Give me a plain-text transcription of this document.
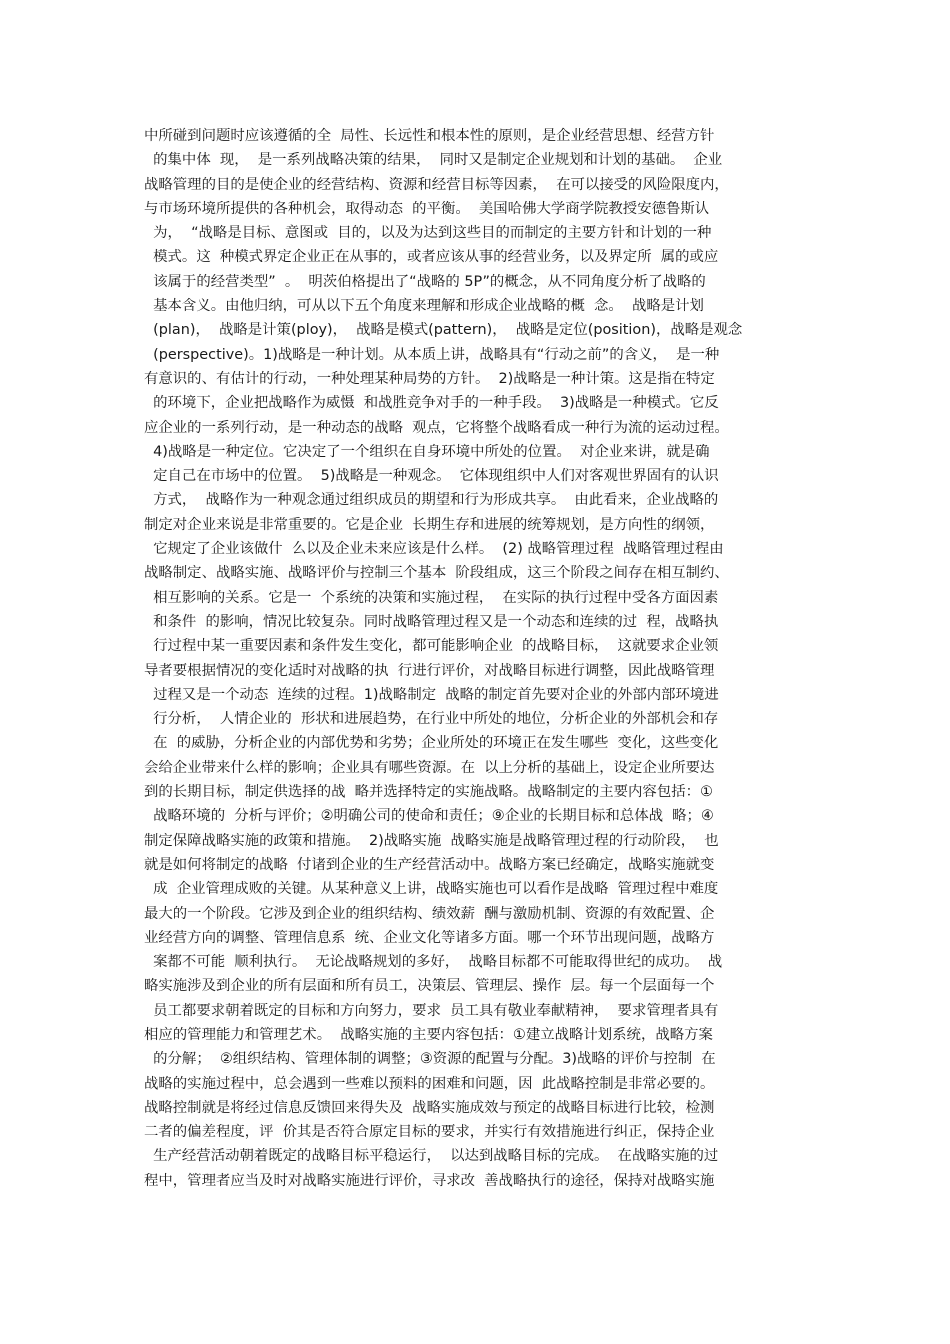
中所碰到问题时应该遵循的全  局性、长远性和根本性的原则，是企业经营思想、经营方针
的集中体  现，  是一系列战略决策的结果，  同时又是制定企业规划和计划的基础。  企业
战略管理的目的是使企业的经营结构、资源和经营目标等因素，  在可以接受的风险限度内，
与市场环境所提供的各种机会，取得动态  的平衡。  美国哈佛大学商学院教授安德鲁斯认
为，  “战略是目标、意图或  目的，以及为达到这些目的而制定的主要方针和计划的一种
模式。这  种模式界定企业正在从事的，或者应该从事的经营业务，以及界定所  属的或应
该属于的经营类型”  。  明茨伯格提出了“战略的 5P”的概念，从不同角度分析了战略的
基本含义。由他归纳，可从以下五个角度来理解和形成企业战略的概  念。  战略是计划
(plan)，  战略是计策(ploy)，  战略是模式(pattern)，  战略是定位(position)，战略是观念
(perspective)。1)战略是一种计划。从本质上讲，战略具有“行动之前”的含义，  是一种
有意识的、有估计的行动，一种处理某种局势的方针。  2)战略是一种计策。这是指在特定
的环境下，企业把战略作为威慑  和战胜竞争对手的一种手段。  3)战略是一种模式。它反
应企业的一系列行动，是一种动态的战略  观点，它将整个战略看成一种行为流的运动过程。
4)战略是一种定位。它决定了一个组织在自身环境中所处的位置。  对企业来讲，就是确
定自己在市场中的位置。  5)战略是一种观念。  它体现组织中人们对客观世界固有的认识
方式，  战略作为一种观念通过组织成员的期望和行为形成共享。  由此看来，企业战略的
制定对企业来说是非常重要的。它是企业  长期生存和进展的统筹规划，是方向性的纲领，
它规定了企业该做什  么以及企业未来应该是什么样。  (2) 战略管理过程  战略管理过程由
战略制定、战略实施、战略评价与控制三个基本  阶段组成，这三个阶段之间存在相互制约、
相互影响的关系。它是一  个系统的决策和实施过程，  在实际的执行过程中受各方面因素
和条件  的影响，情况比较复杂。同时战略管理过程又是一个动态和连续的过  程，战略执
行过程中某一重要因素和条件发生变化，都可能影响企业  的战略目标，  这就要求企业领
导者要根据情况的变化适时对战略的执  行进行评价，对战略目标进行调整，因此战略管理
过程又是一个动态  连续的过程。1)战略制定  战略的制定首先要对企业的外部内部环境进
行分析，  人情企业的  形状和进展趋势，在行业中所处的地位，分析企业的外部机会和存
在  的威胁，分析企业的内部优势和劣势；企业所处的环境正在发生哪些  变化，这些变化
会给企业带来什么样的影响；企业具有哪些资源。在  以上分析的基础上，设定企业所要达
到的长期目标，制定供选择的战  略并选择特定的实施战略。战略制定的主要内容包括：①
战略环境的  分析与评价；②明确公司的使命和责任；⑨企业的长期目标和总体战  略；④
制定保障战略实施的政策和措施。  2)战略实施  战略实施是战略管理过程的行动阶段，  也
就是如何将制定的战略  付诸到企业的生产经营活动中。战略方案已经确定，战略实施就变
成  企业管理成败的关键。从某种意义上讲，战略实施也可以看作是战略  管理过程中难度
最大的一个阶段。它涉及到企业的组织结构、绩效薪  酬与激励机制、资源的有效配置、企
业经营方向的调整、管理信息系  统、企业文化等诸多方面。哪一个环节出现问题，战略方
案都不可能  顺利执行。  无论战略规划的多好，  战略目标都不可能取得世纪的成功。  战
略实施涉及到企业的所有层面和所有员工，决策层、管理层、操作  层。每一个层面每一个
员工都要求朝着既定的目标和方向努力，要求  员工具有敬业奉献精神，  要求管理者具有
相应的管理能力和管理艺术。  战略实施的主要内容包括：①建立战略计划系统，战略方案
的分解；  ②组织结构、管理体制的调整；③资源的配置与分配。3)战略的评价与控制  在
战略的实施过程中，总会遇到一些难以预料的困难和问题，因  此战略控制是非常必要的。
战略控制就是将经过信息反馈回来得失及  战略实施成效与预定的战略目标进行比较，检测
二者的偏差程度，评  价其是否符合原定目标的要求，并实行有效措施进行纠正，保持企业
生产经营活动朝着既定的战略目标平稳运行，  以达到战略目标的完成。  在战略实施的过
程中，管理者应当及时对战略实施进行评价，寻求改  善战略执行的途径，保持对战略实施
